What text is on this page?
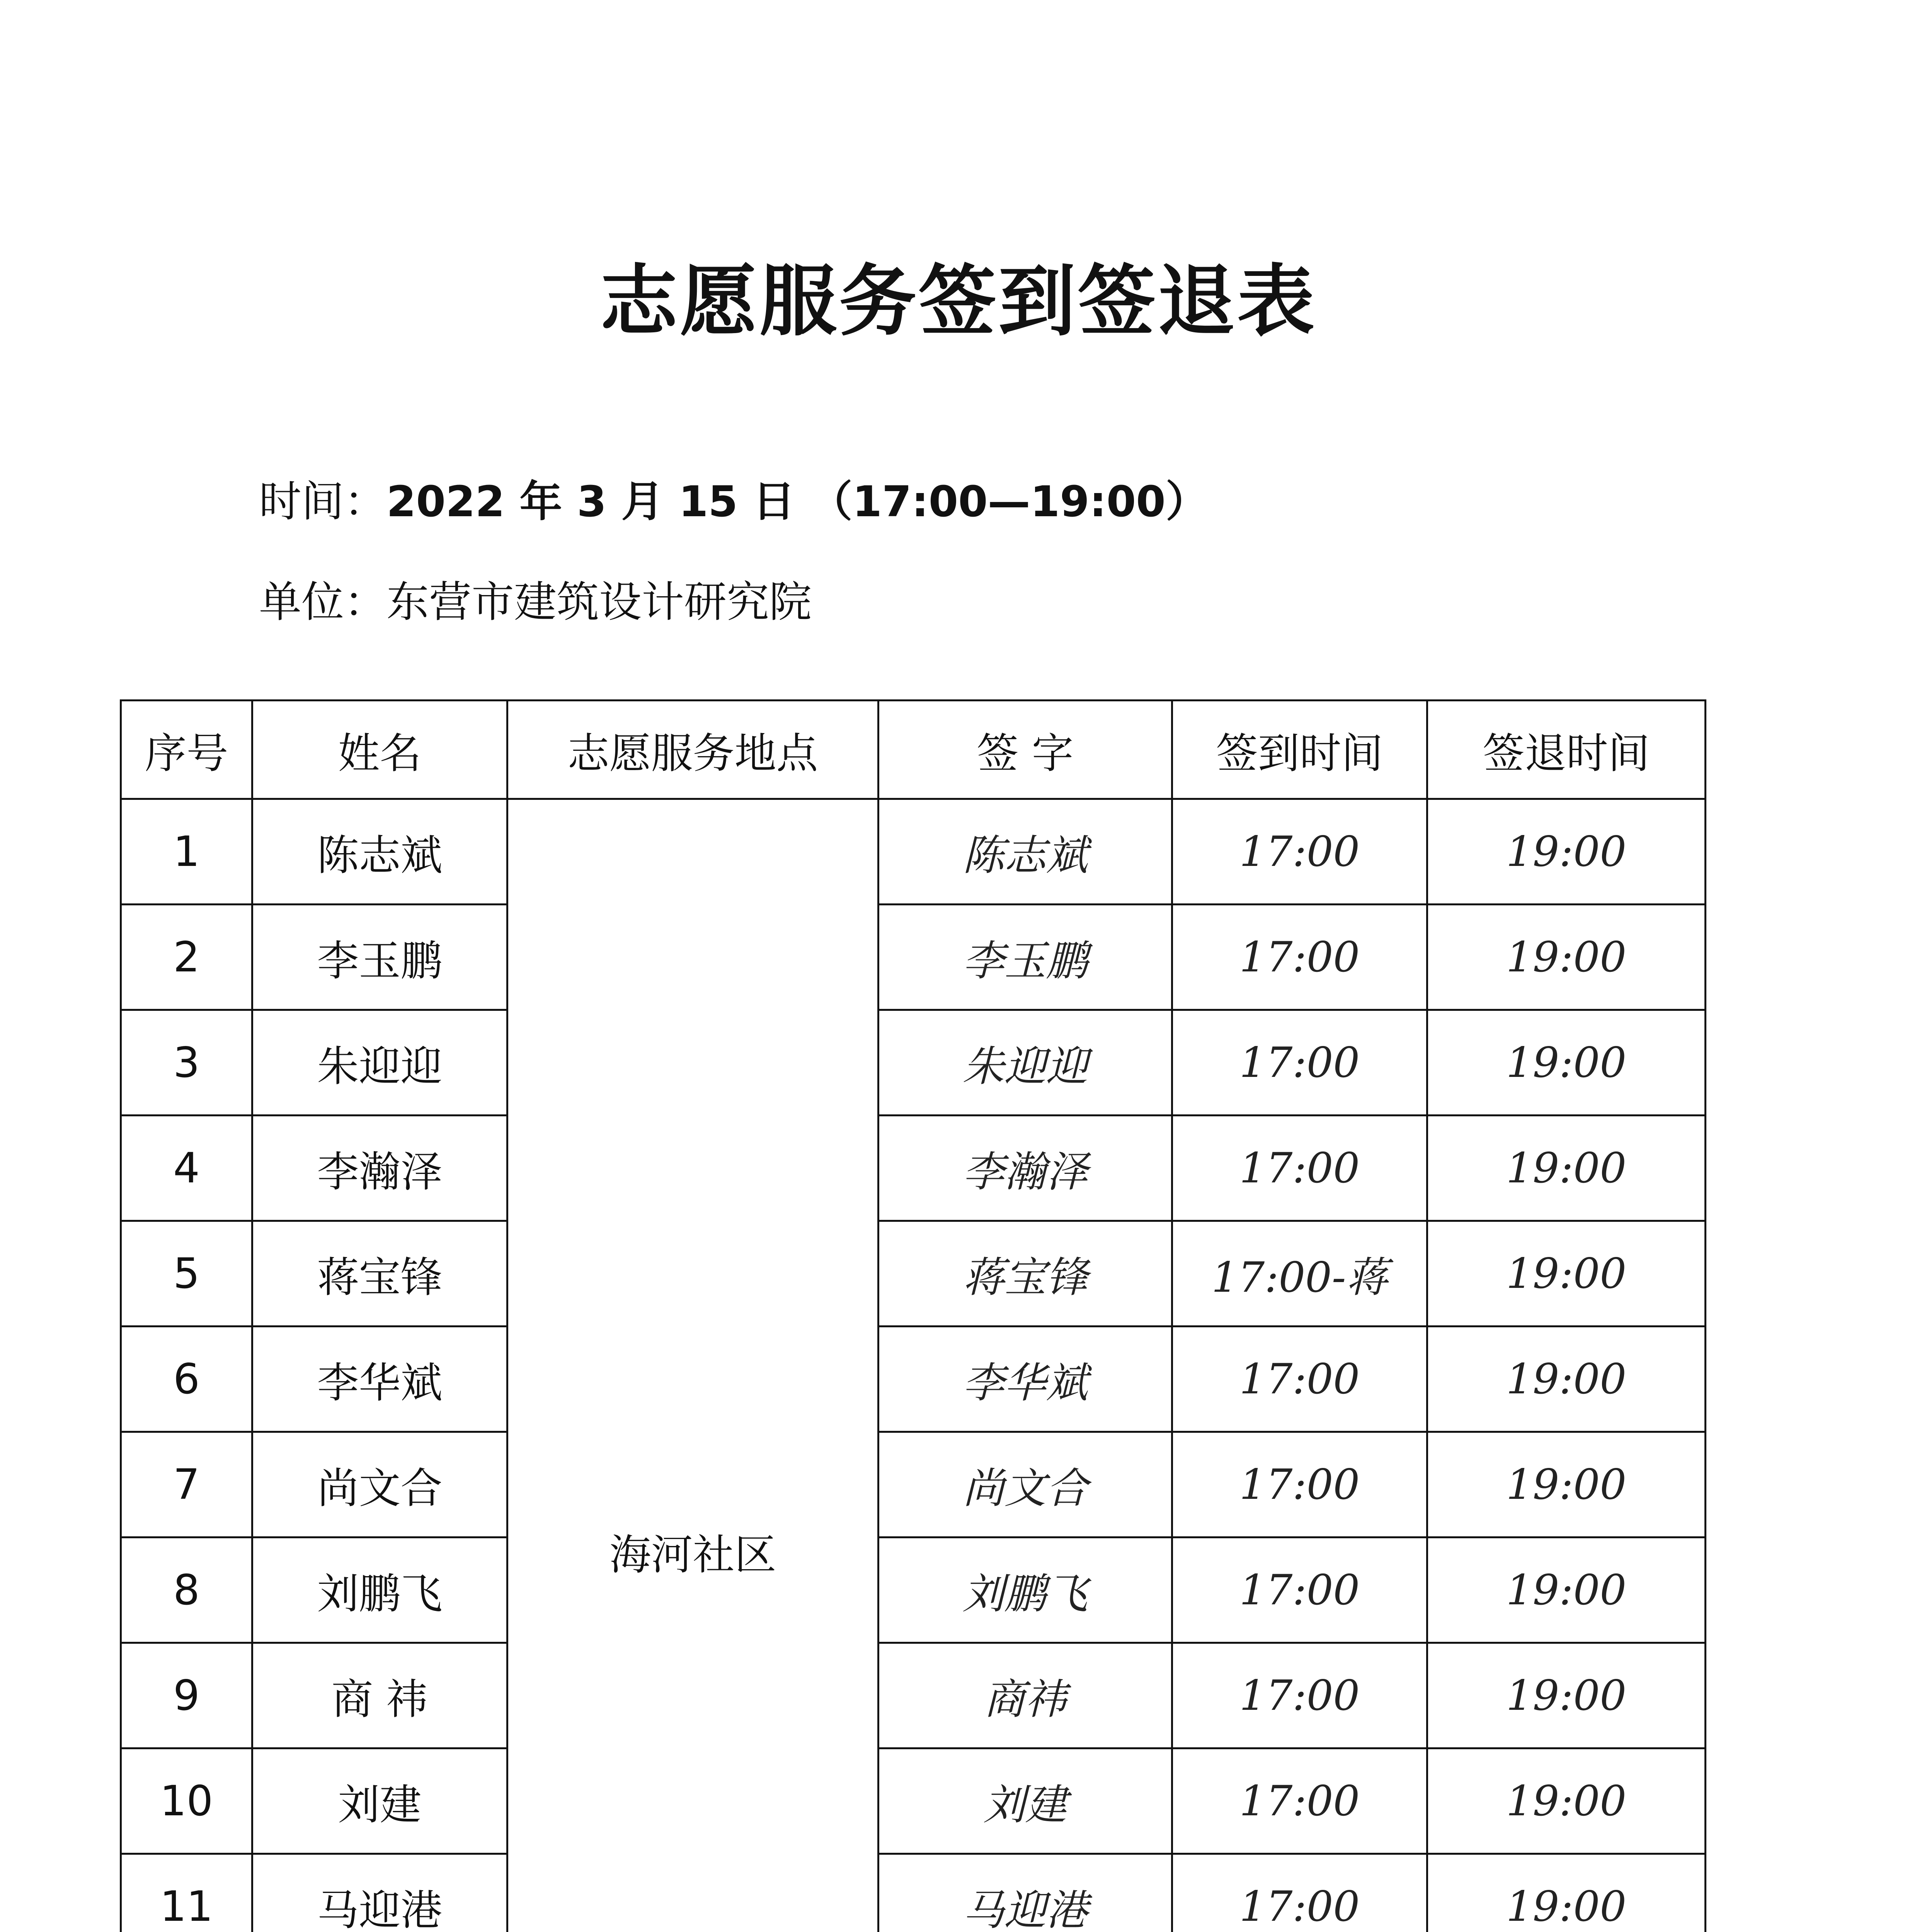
志愿服务签到签退表
时间：2022 年 3 月 15 日 （17:00—19:00）
单位：东营市建筑设计研究院
序号	姓名	志愿服务地点	签 字	签到时间	签退时间
1	陈志斌	海河社区	陈志斌	17:00	19:00
2	李玉鹏		李玉鹏	17:00	19:00
3	朱迎迎		朱迎迎	17:00	19:00
4	李瀚泽		李瀚泽	17:00	19:00
5	蒋宝锋		蒋宝锋	17:00-蒋	19:00
6	李华斌		李华斌	17:00	19:00
7	尚文合		尚文合	17:00	19:00
8	刘鹏飞		刘鹏飞	17:00	19:00
9	商 祎		商祎	17:00	19:00
10	刘建		刘建	17:00	19:00
11	马迎港		马迎港	17:00	19:00
